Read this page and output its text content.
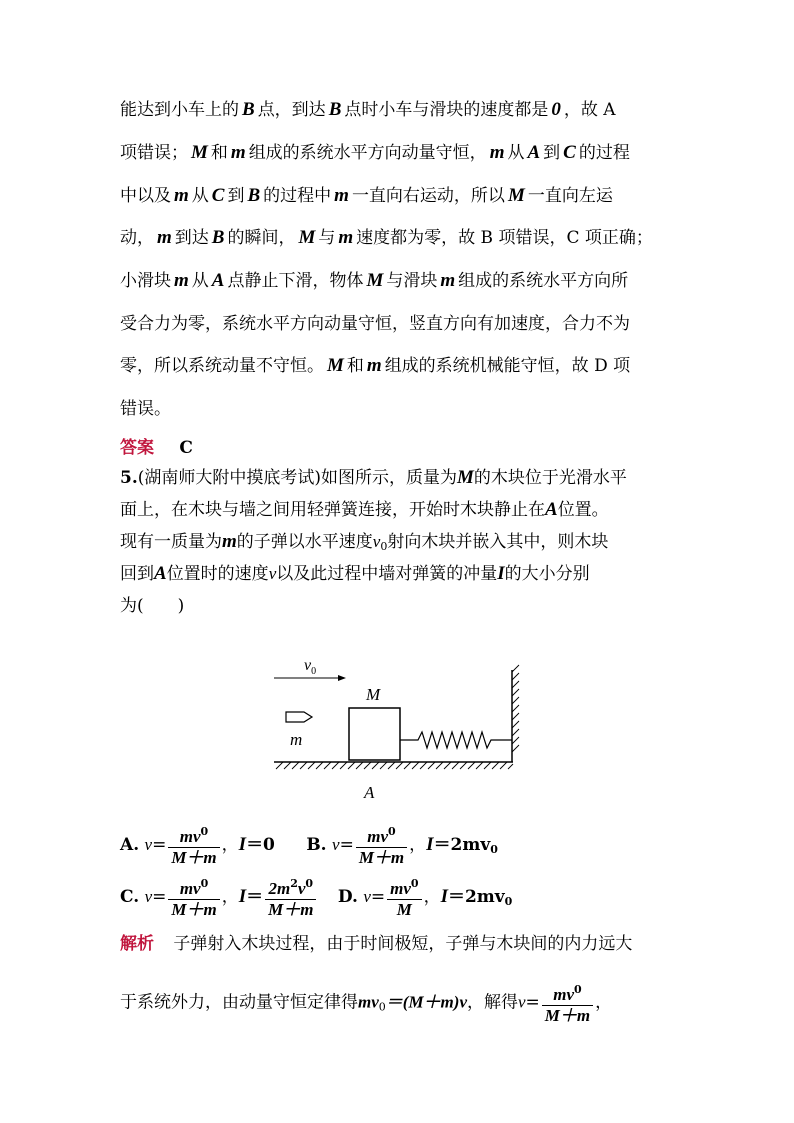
能达到小车上的 B 点，到达 B 点时小车与滑块的速度都是 0 ，故 A
项错误； M 和 m 组成的系统水平方向动量守恒， m 从 A 到 C 的过程
中以及 m 从 C 到 B 的过程中 m 一直向右运动，所以 M 一直向左运
动， m 到达 B 的瞬间， M 与 m 速度都为零，故 B 项错误，C 项正确；
小滑块 m 从 A 点静止下滑，物体 M 与滑块 m 组成的系统水平方向所
受合力为零，系统水平方向动量守恒，竖直方向有加速度，合力不为
零，所以系统动量不守恒。 M 和 m 组成的系统机械能守恒，故 D 项
错误。
答案 C
5.(湖南师大附中摸底考试)如图所示，质量为M的木块位于光滑水平
面上，在木块与墙之间用轻弹簧连接，开始时木块静止在A位置。
现有一质量为m的子弹以水平速度$v_0$射向木块并嵌入其中，则木块
回到A位置时的速度v以及此过程中墙对弹簧的冲量I的大小分别
为(　　)
$v_0$
m
M
A
A. $v= \frac{mv^0}{M+m}$ ，I＝0 B. $v= \frac{mv^0}{M+m}$ ，$I=2mv_0$
C. $v= \frac{mv^0}{M+m}$ ，$I= \frac{2m^2v^0}{M+m} D$. $v= \frac{mv^0}{M}$ ，$I=2mv_0$
解析 子弹射入木块过程，由于时间极短，子弹与木块间的内力远大
于系统外力，由动量守恒定律得$mv_0=(M+m)v$，解得$v= \frac{mv^0}{M+m}$ ，
